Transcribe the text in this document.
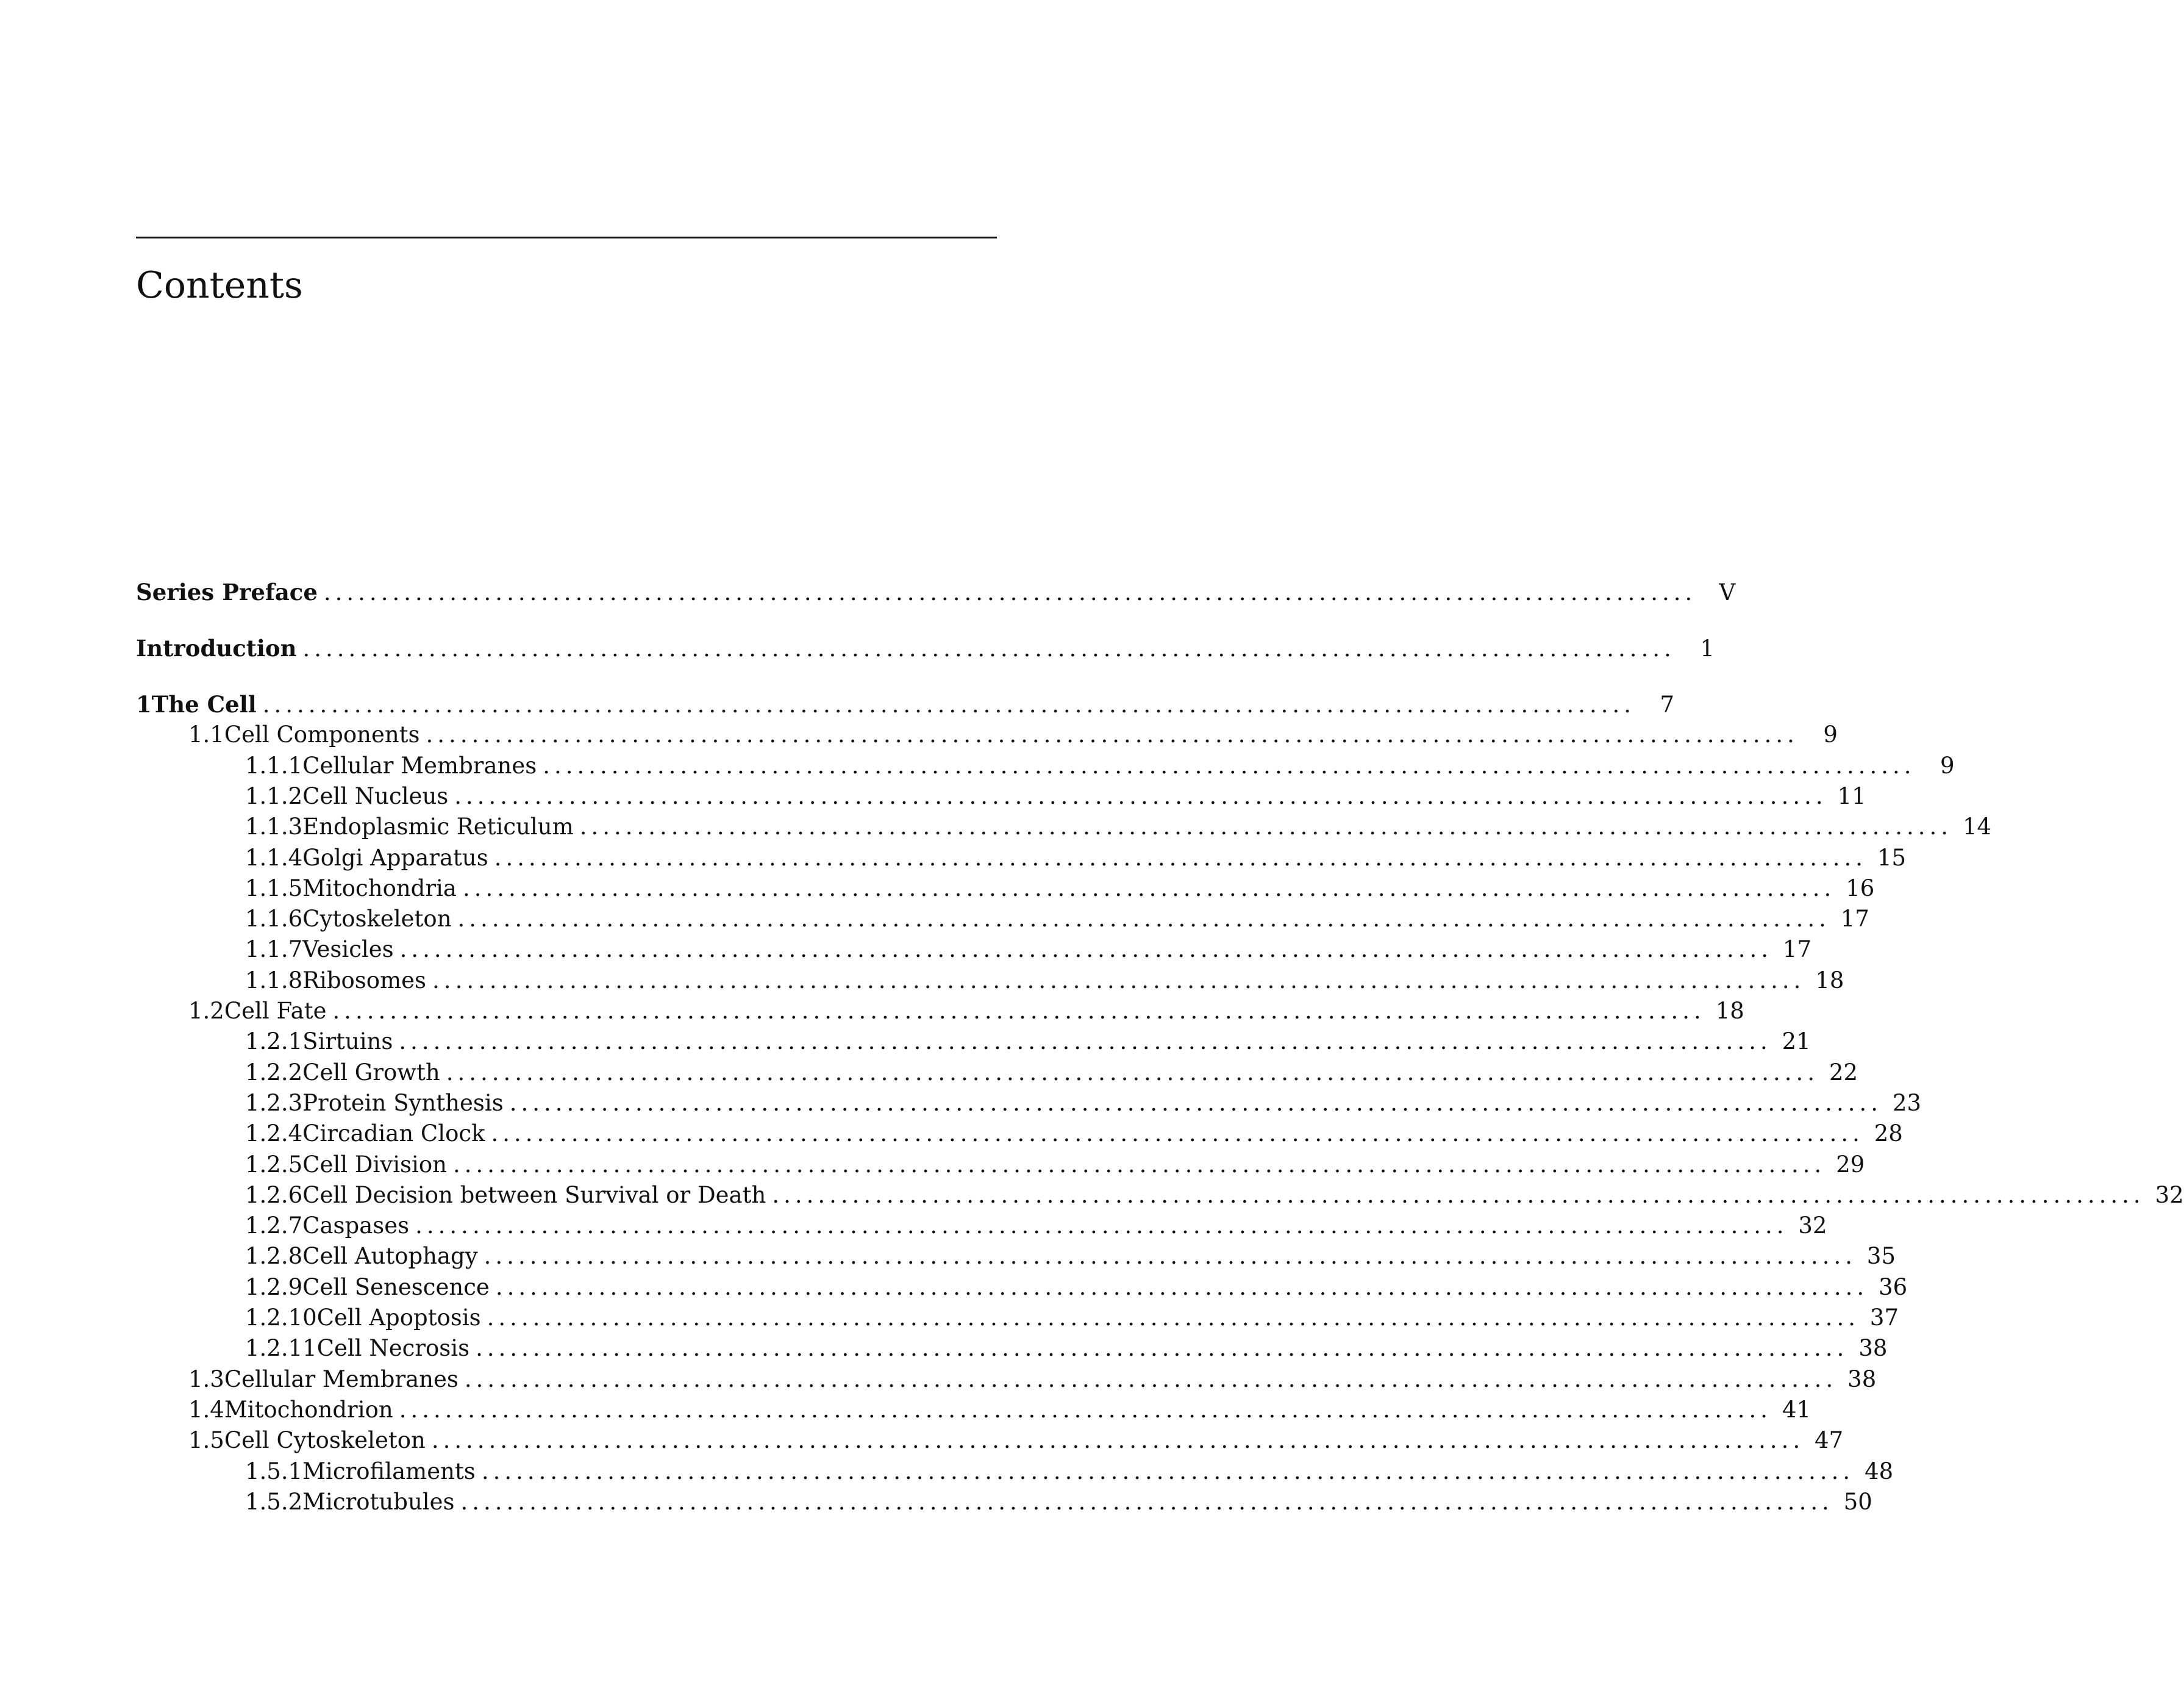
Contents
Series Preface ........................................................................................................................	V
Introduction ........................................................................................................................	1
1 The Cell ........................................................................................................................	7
1.1 Cell Components ........................................................................................................................	9
1.1.1 Cellular Membranes ........................................................................................................................	9
1.1.2 Cell Nucleus ........................................................................................................................ 11
1.1.3 Endoplasmic Reticulum ........................................................................................................................ 14
1.1.4 Golgi Apparatus ........................................................................................................................ 15
1.1.5 Mitochondria ........................................................................................................................ 16
1.1.6 Cytoskeleton ........................................................................................................................ 17
1.1.7 Vesicles ........................................................................................................................ 17
1.1.8 Ribosomes ........................................................................................................................ 18
1.2 Cell Fate ........................................................................................................................ 18
1.2.1 Sirtuins ........................................................................................................................ 21
1.2.2 Cell Growth ........................................................................................................................ 22
1.2.3 Protein Synthesis ........................................................................................................................ 23
1.2.4 Circadian Clock ........................................................................................................................ 28
1.2.5 Cell Division ........................................................................................................................ 29
1.2.6 Cell Decision between Survival or Death ........................................................................................................................ 32
1.2.7 Caspases ........................................................................................................................ 32
1.2.8 Cell Autophagy ........................................................................................................................ 35
1.2.9 Cell Senescence ........................................................................................................................ 36
1.2.10 Cell Apoptosis ........................................................................................................................ 37
1.2.11 Cell Necrosis ........................................................................................................................ 38
1.3 Cellular Membranes ........................................................................................................................ 38
1.4 Mitochondrion ........................................................................................................................ 41
1.5 Cell Cytoskeleton ........................................................................................................................ 47
1.5.1 Microfilaments ........................................................................................................................ 48
1.5.2 Microtubules ........................................................................................................................ 50
